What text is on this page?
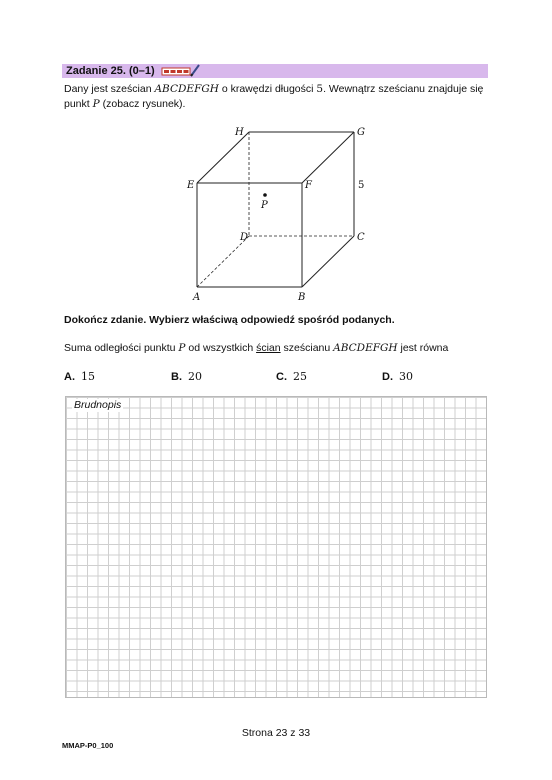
Zadanie 25. (0–1)
Dany jest sześcian ABCDEFGH o krawędzi długości 5. Wewnątrz sześcianu znajduje się
punkt P (zobacz rysunek).
A	B
C
D
E	F
G
H
P
5
Dokończ zdanie. Wybierz właściwą odpowiedź spośród podanych.
Suma odległości punktu P od wszystkich ścian sześcianu ABCDEFGH jest równa
A. 15	B. 20	C. 25	D. 30
Brudnopis
Strona 23 z 33
MMAP-P0_100
